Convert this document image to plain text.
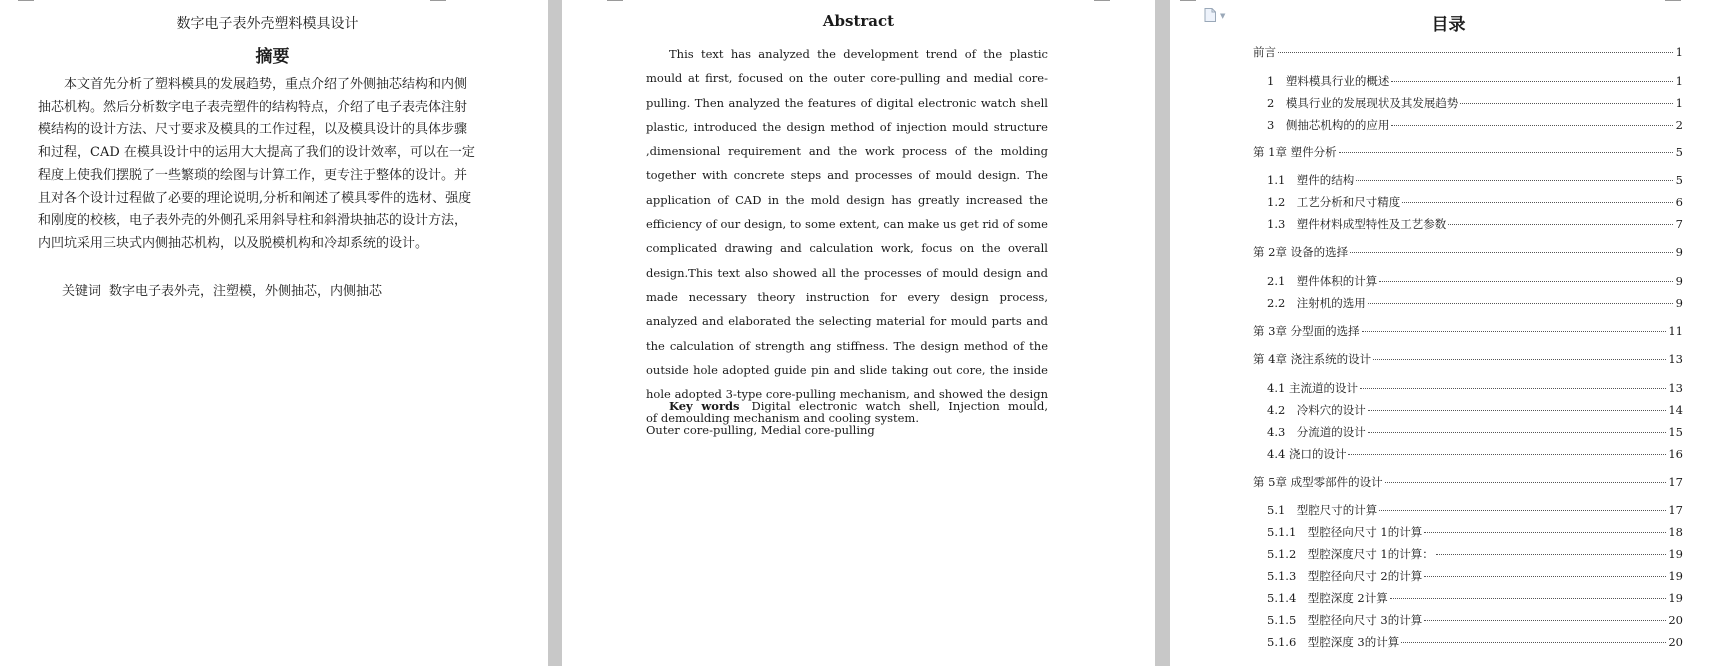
数字电子表外壳塑料模具设计
摘要

本文首先分析了塑料模具的发展趋势，重点介绍了外侧抽芯结构和内侧抽芯机构。然后分析数字电子表壳塑件的结构特点，介绍了电子表壳体注射模结构的设计方法、尺寸要求及模具的工作过程，以及模具设计的具体步骤和过程，CAD 在模具设计中的运用大大提高了我们的设计效率，可以在一定程度上使我们摆脱了一些繁琐的绘图与计算工作，更专注于整体的设计。并且对各个设计过程做了必要的理论说明,分析和阐述了模具零件的选材、强度和刚度的校核，电子表外壳的外侧孔采用斜导柱和斜滑块抽芯的设计方法，内凹坑采用三块式内侧抽芯机构，以及脱模机构和冷却系统的设计。

关键词 数字电子表外壳，注塑模，外侧抽芯，内侧抽芯
Abstract

This text has analyzed the development trend of the plastic mould at first, focused on the outer core-pulling and medial core-pulling. Then analyzed the features of digital electronic watch shell plastic, introduced the design method of injection mould structure ,dimensional requirement and the work process of the molding together with concrete steps and processes of mould design. The application of CAD in the mold design has greatly increased the efficiency of our design, to some extent, can make us get rid of some complicated drawing and calculation work, focus on the overall design.This text also showed all the processes of mould design and made necessary theory instruction for every design process, analyzed and elaborated the selecting material for mould parts and the calculation of strength ang stiffness. The design method of the outside hole adopted guide pin and slide taking out core, the inside hole adopted 3-type core-pulling mechanism, and showed the design of demoulding mechanism and cooling system.

Key words Digital electronic watch shell, Injection mould, Outer core-pulling, Medial core-pulling

▼	目录
前言	1
1　塑料模具行业的概述	1
2　模具行业的发展现状及其发展趋势	1
3　侧抽芯机构的的应用	2
第 1章 塑件分析	5
1.1　塑件的结构	5
1.2　工艺分析和尺寸精度	6
1.3　塑件材料成型特性及工艺参数	7
第 2章 设备的选择	9
2.1　塑件体积的计算	9
2.2　注射机的选用	9
第 3章 分型面的选择	11
第 4章 浇注系统的设计	13
4.1 主流道的设计	13
4.2　冷料穴的设计	14
4.3　分流道的设计	15
4.4 浇口的设计	16
第 5章 成型零部件的设计	17
5.1　型腔尺寸的计算	17
5.1.1　型腔径向尺寸 1的计算	18
5.1.2　型腔深度尺寸 1的计算：	19
5.1.3　型腔径向尺寸 2的计算	19
5.1.4　型腔深度 2计算	19
5.1.5　型腔径向尺寸 3的计算	20
5.1.6　型腔深度 3的计算	20
